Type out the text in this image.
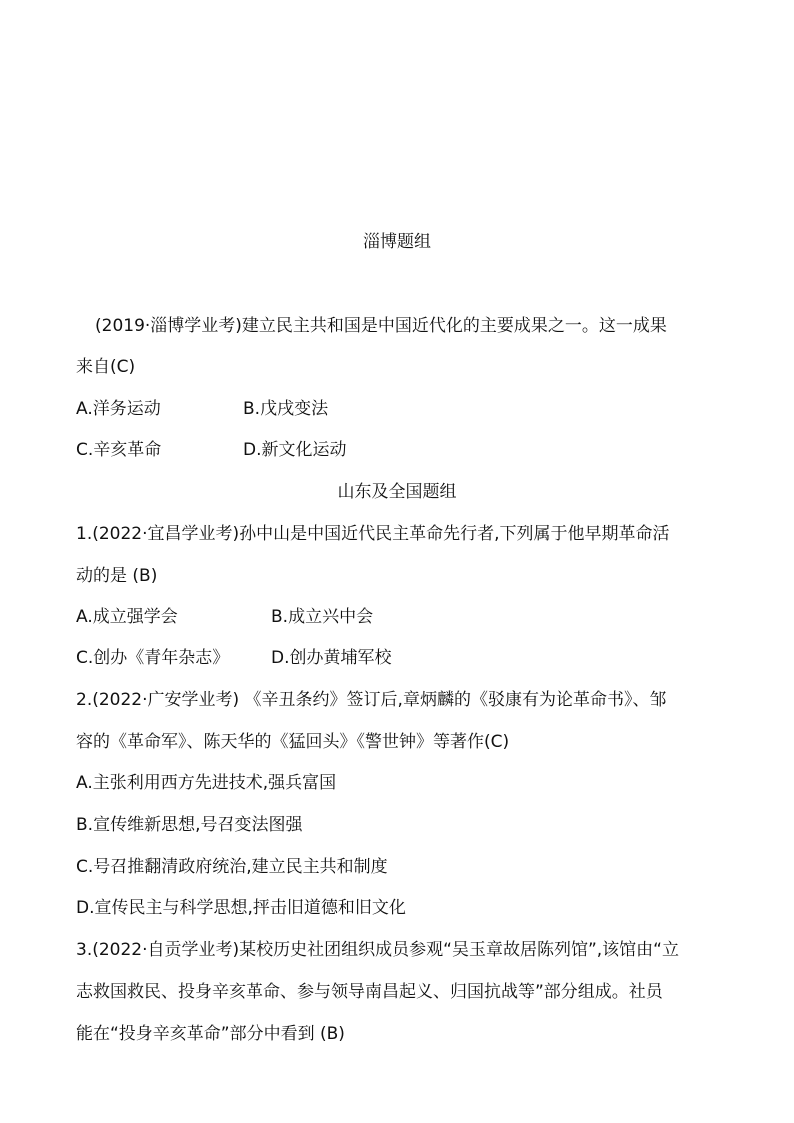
淄博题组
(2019·淄博学业考)建立民主共和国是中国近代化的主要成果之一。这一成果
来自(C)
A.洋务运动	B.戊戌变法
C.辛亥革命	D.新文化运动
山东及全国题组
1.(2022·宜昌学业考)孙中山是中国近代民主革命先行者,下列属于他早期革命活
动的是 (B)
A.成立强学会	B.成立兴中会
C.创办《青年杂志》 D.创办黄埔军校
2.(2022·广安学业考) 《辛丑条约》签订后,章炳麟的《驳康有为论革命书》、邹
容的《革命军》、陈天华的《猛回头》《警世钟》等著作(C)
A.主张利用西方先进技术,强兵富国
B.宣传维新思想,号召变法图强
C.号召推翻清政府统治,建立民主共和制度
D.宣传民主与科学思想,抨击旧道德和旧文化
3.(2022·自贡学业考)某校历史社团组织成员参观“吴玉章故居陈列馆”,该馆由“立
志救国救民、投身辛亥革命、参与领导南昌起义、归国抗战等”部分组成。社员
能在“投身辛亥革命”部分中看到 (B)
